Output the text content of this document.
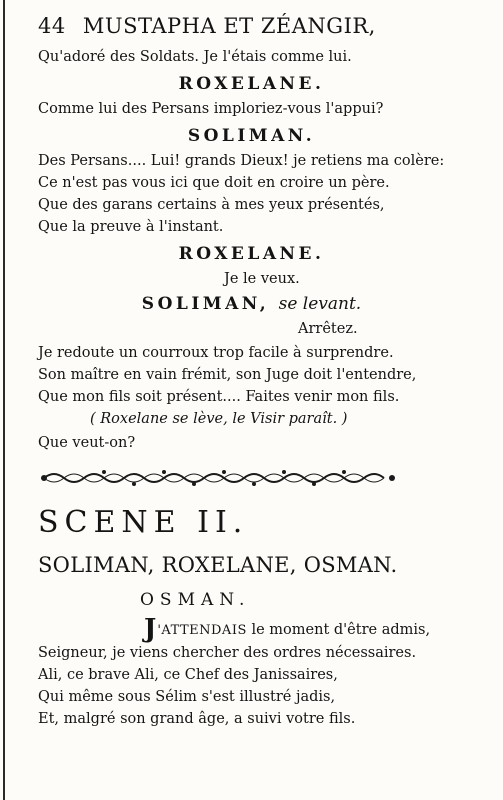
44 MUSTAPHA ET ZÉANGIR,
Qu'adoré des Soldats. Je l'étais comme lui.
ROXELANE.
Comme lui des Persans imploriez-vous l'appui?
SOLIMAN.
Des Persans.... Lui! grands Dieux! je retiens ma colère:
Ce n'est pas vous ici que doit en croire un père.
Que des garans certains à mes yeux présentés,
Que la preuve à l'instant.
ROXELANE.
Je le veux.
SOLIMAN, se levant.
Arrêtez.
Je redoute un courroux trop facile à surprendre.
Son maître en vain frémit, son Juge doit l'entendre,
Que mon fils soit présent.... Faites venir mon fils.
( Roxelane se lève, le Visir paraît. )
Que veut-on?
SCENE II.
SOLIMAN, ROXELANE, OSMAN.
OSMAN.
J'ATTENDAIS le moment d'être admis,
Seigneur, je viens chercher des ordres nécessaires.
Ali, ce brave Ali, ce Chef des Janissaires,
Qui même sous Sélim s'est illustré jadis,
Et, malgré son grand âge, a suivi votre fils.
